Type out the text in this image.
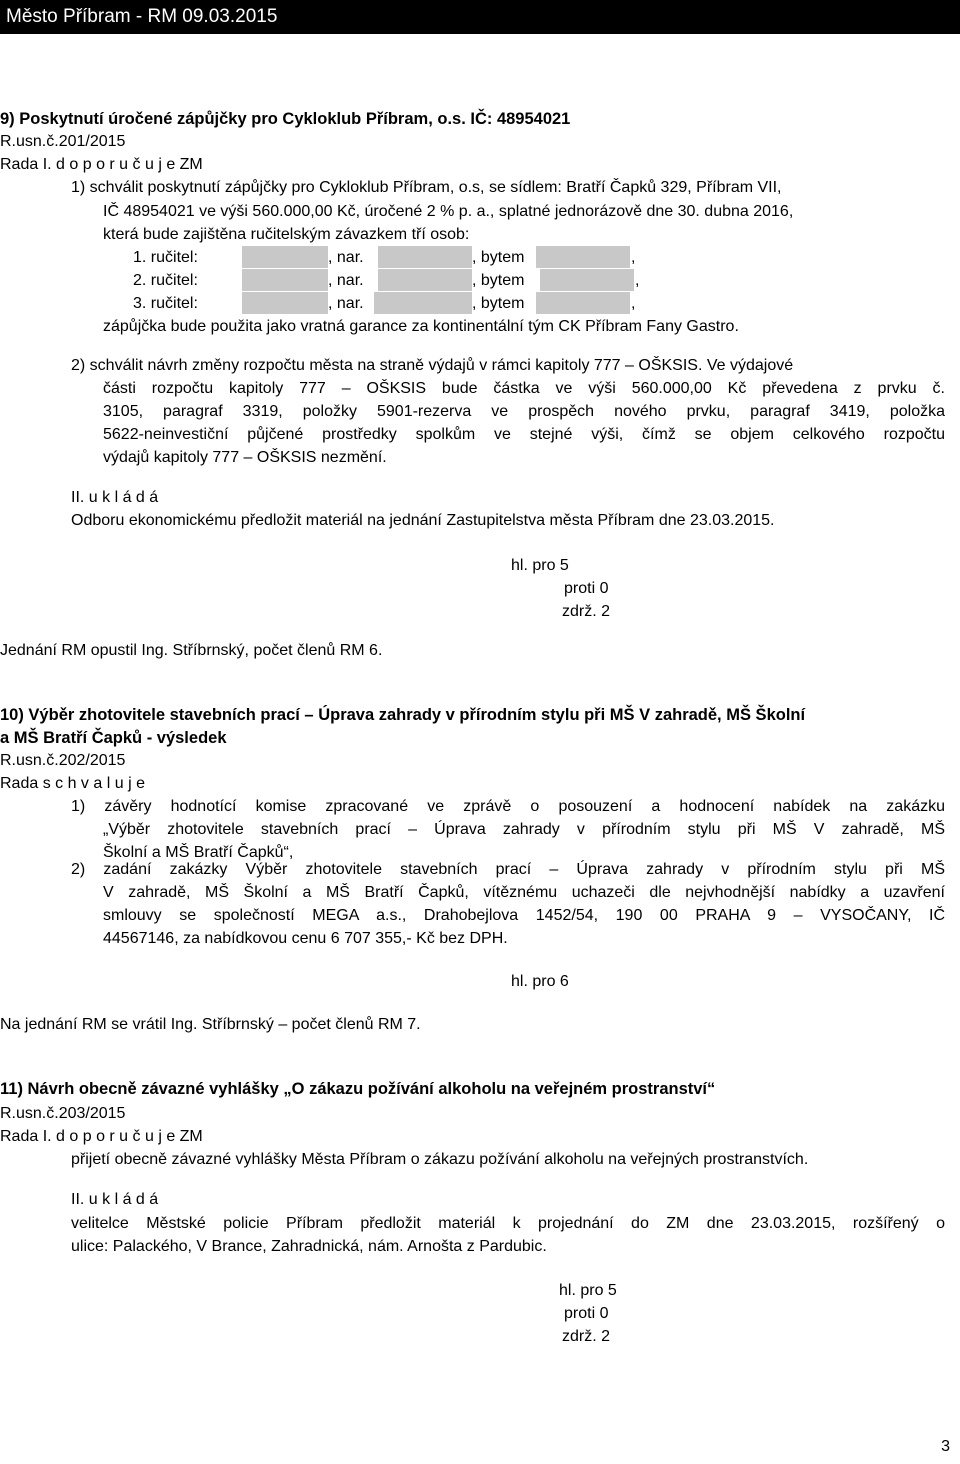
Město Příbram - RM 09.03.2015
9) Poskytnutí úročené zápůjčky pro Cykloklub Příbram, o.s. IČ: 48954021
R.usn.č.201/2015
Rada I. d o p o r u č u j e ZM
1) schválit poskytnutí zápůjčky pro Cykloklub Příbram, o.s, se sídlem: Bratří Čapků 329, Příbram VII,
IČ 48954021 ve výši 560.000,00 Kč, úročené 2 % p. a., splatné jednorázově dne 30. dubna 2016,
která bude zajištěna ručitelským závazkem tří osob:
1. ručitel:	, nar.	, bytem	,
2. ručitel:	, nar.	, bytem	,
3. ručitel:	, nar.	, bytem	,
zápůjčka bude použita jako vratná garance za kontinentální tým CK Příbram Fany Gastro.
2) schválit návrh změny rozpočtu města na straně výdajů v rámci kapitoly 777 – OŠKSIS. Ve výdajové
části rozpočtu kapitoly 777 – OŠKSIS bude částka ve výši 560.000,00 Kč převedena z prvku č.
3105, paragraf 3319, položky 5901-rezerva ve prospěch nového prvku, paragraf 3419, položka
5622-neinvestiční půjčené prostředky spolkům ve stejné výši, čímž se objem celkového rozpočtu
výdajů kapitoly 777 – OŠKSIS nezmění.
II. u k l á d á
Odboru ekonomickému předložit materiál na jednání Zastupitelstva města Příbram dne 23.03.2015.
hl. pro 5
proti 0
zdrž. 2
Jednání RM opustil Ing. Stříbrnský, počet členů RM 6.
10) Výběr zhotovitele stavebních prací – Úprava zahrady v přírodním stylu při MŠ V zahradě, MŠ Školní
a MŠ Bratří Čapků - výsledek
R.usn.č.202/2015
Rada s c h v a l u j e
1) závěry hodnotící komise zpracované ve zprávě o posouzení a hodnocení nabídek na zakázku
„Výběr zhotovitele stavebních prací – Úprava zahrady v přírodním stylu při MŠ V zahradě, MŠ
Školní a MŠ Bratří Čapků“,
2) zadání zakázky Výběr zhotovitele stavebních prací – Úprava zahrady v přírodním stylu při MŠ
V zahradě, MŠ Školní a MŠ Bratří Čapků, vítěznému uchazeči dle nejvhodnější nabídky a uzavření
smlouvy se společností MEGA a.s., Drahobejlova 1452/54, 190 00 PRAHA 9 – VYSOČANY, IČ
44567146, za nabídkovou cenu 6 707 355,- Kč bez DPH.
hl. pro 6
Na jednání RM se vrátil Ing. Stříbrnský – počet členů RM 7.
11) Návrh obecně závazné vyhlášky „O zákazu požívání alkoholu na veřejném prostranství“
R.usn.č.203/2015
Rada I. d o p o r u č u j e ZM
přijetí obecně závazné vyhlášky Města Příbram o zákazu požívání alkoholu na veřejných prostranstvích.
II. u k l á d á
velitelce Městské policie Příbram předložit materiál k projednání do ZM dne 23.03.2015, rozšířený o
ulice: Palackého, V Brance, Zahradnická, nám. Arnošta z Pardubic.
hl. pro 5
proti 0
zdrž. 2
3
